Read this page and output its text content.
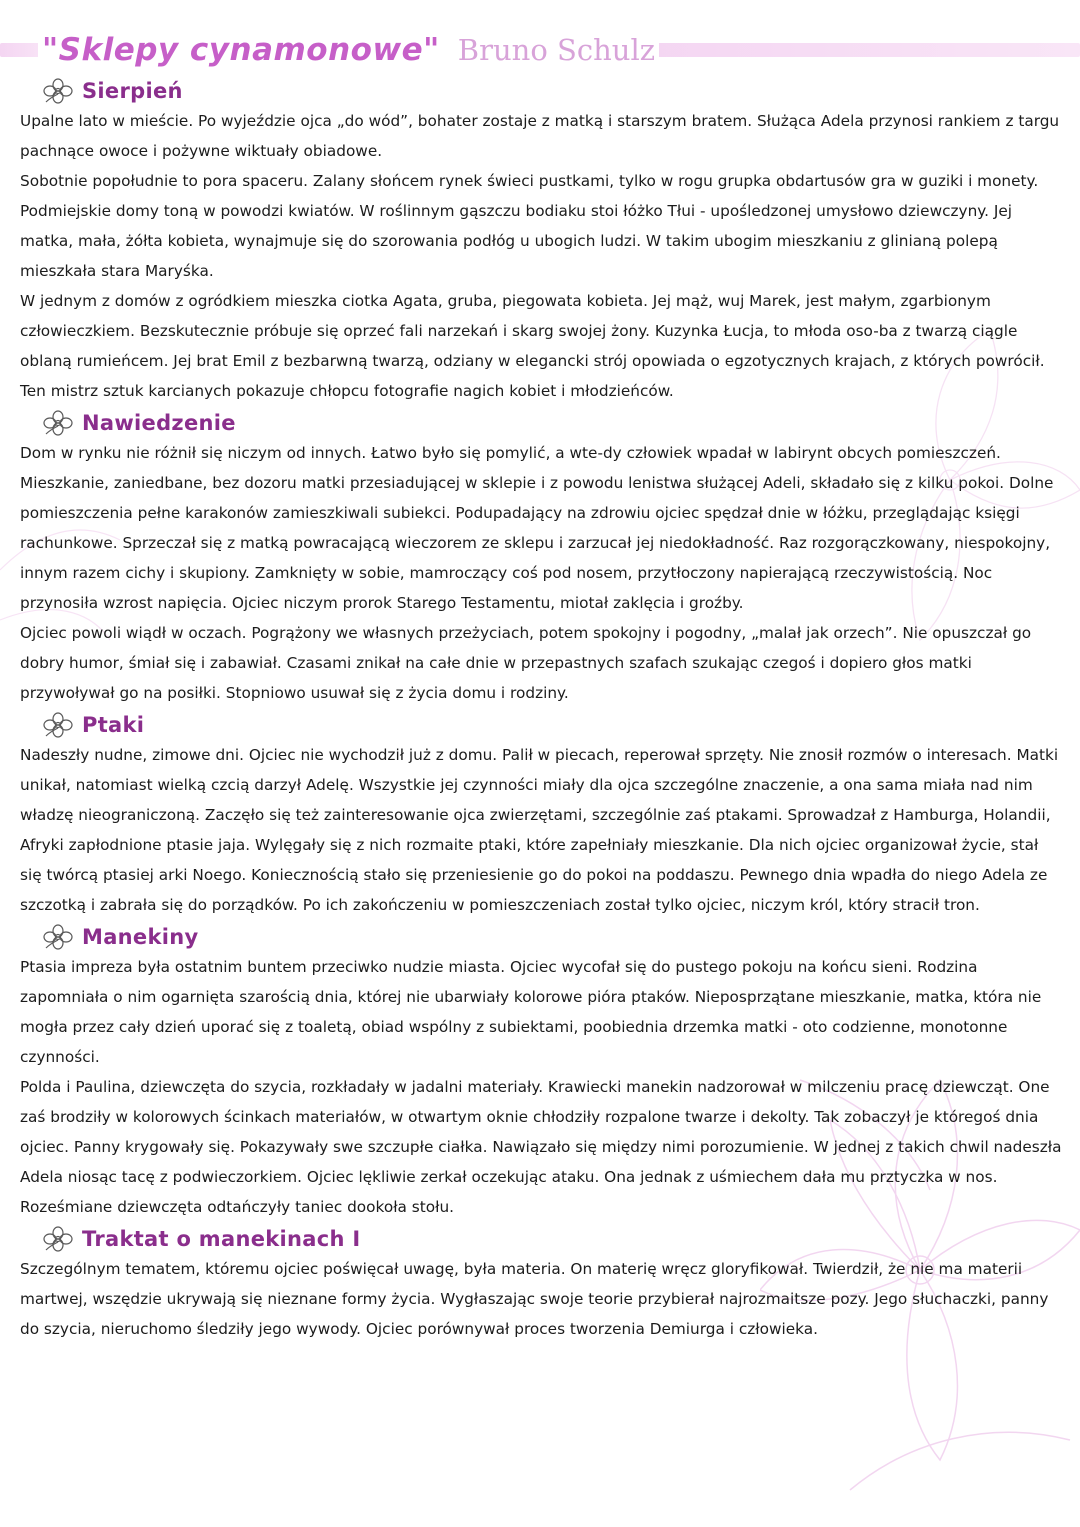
"Sklepy cynamonowe" Bruno Schulz
Sierpień

Upalne lato w mieście. Po wyjeździe ojca „do wód”, bohater zostaje z matką i starszym bratem. Służąca Adela przynosi rankiem z targu pachnące owoce i pożywne wiktuały obiadowe.

Sobotnie popołudnie to pora spaceru. Zalany słońcem rynek świeci pustkami, tylko w rogu grupka obdartusów gra w guziki i monety. Podmiejskie domy toną w powodzi kwiatów. W roślinnym gąszczu bodiaku stoi łóżko Tłui - upośledzonej umysłowo dziewczyny. Jej matka, mała, żółta kobieta, wynajmuje się do szorowania podłóg u ubogich ludzi. W takim ubogim mieszkaniu z glinianą polepą mieszkała stara Maryśka.

W jednym z domów z ogródkiem mieszka ciotka Agata, gruba, piegowata kobieta. Jej mąż, wuj Marek, jest małym, zgarbionym człowieczkiem. Bezskutecznie próbuje się oprzeć fali narzekań i skarg swojej żony. Kuzynka Łucja, to młoda oso-ba z twarzą ciągle oblaną rumieńcem. Jej brat Emil z bezbarwną twarzą, odziany w elegancki strój opowiada o egzotycznych krajach, z których powrócił. Ten mistrz sztuk karcianych pokazuje chłopcu fotografie nagich kobiet i młodzieńców.

Nawiedzenie

Dom w rynku nie różnił się niczym od innych. Łatwo było się pomylić, a wte-dy człowiek wpadał w labirynt obcych pomieszczeń. Mieszkanie, zaniedbane, bez dozoru matki przesiadującej w sklepie i z powodu lenistwa służącej Adeli, składało się z kilku pokoi. Dolne pomieszczenia pełne karakonów zamieszkiwali subiekci. Podupadający na zdrowiu ojciec spędzał dnie w łóżku, przeglądając księgi rachunkowe. Sprzeczał się z matką powracającą wieczorem ze sklepu i zarzucał jej niedokładność. Raz rozgorączkowany, niespokojny, innym razem cichy i skupiony. Zamknięty w sobie, mamroczący coś pod nosem, przytłoczony napierającą rzeczywistością. Noc przynosiła wzrost napięcia. Ojciec niczym prorok Starego Testamentu, miotał zaklęcia i groźby.

Ojciec powoli wiądł w oczach. Pogrążony we własnych przeżyciach, potem spokojny i pogodny, „malał jak orzech”. Nie opuszczał go dobry humor, śmiał się i zabawiał. Czasami znikał na całe dnie w przepastnych szafach szukając czegoś i dopiero głos matki przywoływał go na posiłki. Stopniowo usuwał się z życia domu i rodziny.

Ptaki

Nadeszły nudne, zimowe dni. Ojciec nie wychodził już z domu. Palił w piecach, reperował sprzęty. Nie znosił rozmów o interesach. Matki unikał, natomiast wielką czcią darzył Adelę. Wszystkie jej czynności miały dla ojca szczególne znaczenie, a ona sama miała nad nim władzę nieograniczoną. Zaczęło się też zainteresowanie ojca zwierzętami, szczególnie zaś ptakami. Sprowadzał z Hamburga, Holandii, Afryki zapłodnione ptasie jaja. Wylęgały się z nich rozmaite ptaki, które zapełniały mieszkanie. Dla nich ojciec organizował życie, stał się twórcą ptasiej arki Noego. Koniecznością stało się przeniesienie go do pokoi na poddaszu. Pewnego dnia wpadła do niego Adela ze szczotką i zabrała się do porządków. Po ich zakończeniu w pomieszczeniach został tylko ojciec, niczym król, który stracił tron.

Manekiny

Ptasia impreza była ostatnim buntem przeciwko nudzie miasta. Ojciec wycofał się do pustego pokoju na końcu sieni. Rodzina zapomniała o nim ogarnięta szarością dnia, której nie ubarwiały kolorowe pióra ptaków. Nieposprzątane mieszkanie, matka, która nie mogła przez cały dzień uporać się z toaletą, obiad wspólny z subiektami, poobiednia drzemka matki - oto codzienne, monotonne czynności.

Polda i Paulina, dziewczęta do szycia, rozkładały w jadalni materiały. Krawiecki manekin nadzorował w milczeniu pracę dziewcząt. One zaś brodziły w kolorowych ścinkach materiałów, w otwartym oknie chłodziły rozpalone twarze i dekolty. Tak zobaczył je któregoś dnia ojciec. Panny krygowały się. Pokazywały swe szczupłe ciałka. Nawiązało się między nimi porozumienie. W jednej z takich chwil nadeszła Adela niosąc tacę z podwieczorkiem. Ojciec lękliwie zerkał oczekując ataku. Ona jednak z uśmiechem dała mu prztyczka w nos. Roześmiane dziewczęta odtańczyły taniec dookoła stołu.

Traktat o manekinach I

Szczególnym tematem, któremu ojciec poświęcał uwagę, była materia. On materię wręcz gloryfikował. Twierdził, że nie ma materii martwej, wszędzie ukrywają się nieznane formy życia. Wygłaszając swoje teorie przybierał najrozmaitsze pozy. Jego słuchaczki, panny do szycia, nieruchomo śledziły jego wywody. Ojciec porównywał proces tworzenia Demiurga i człowieka.
